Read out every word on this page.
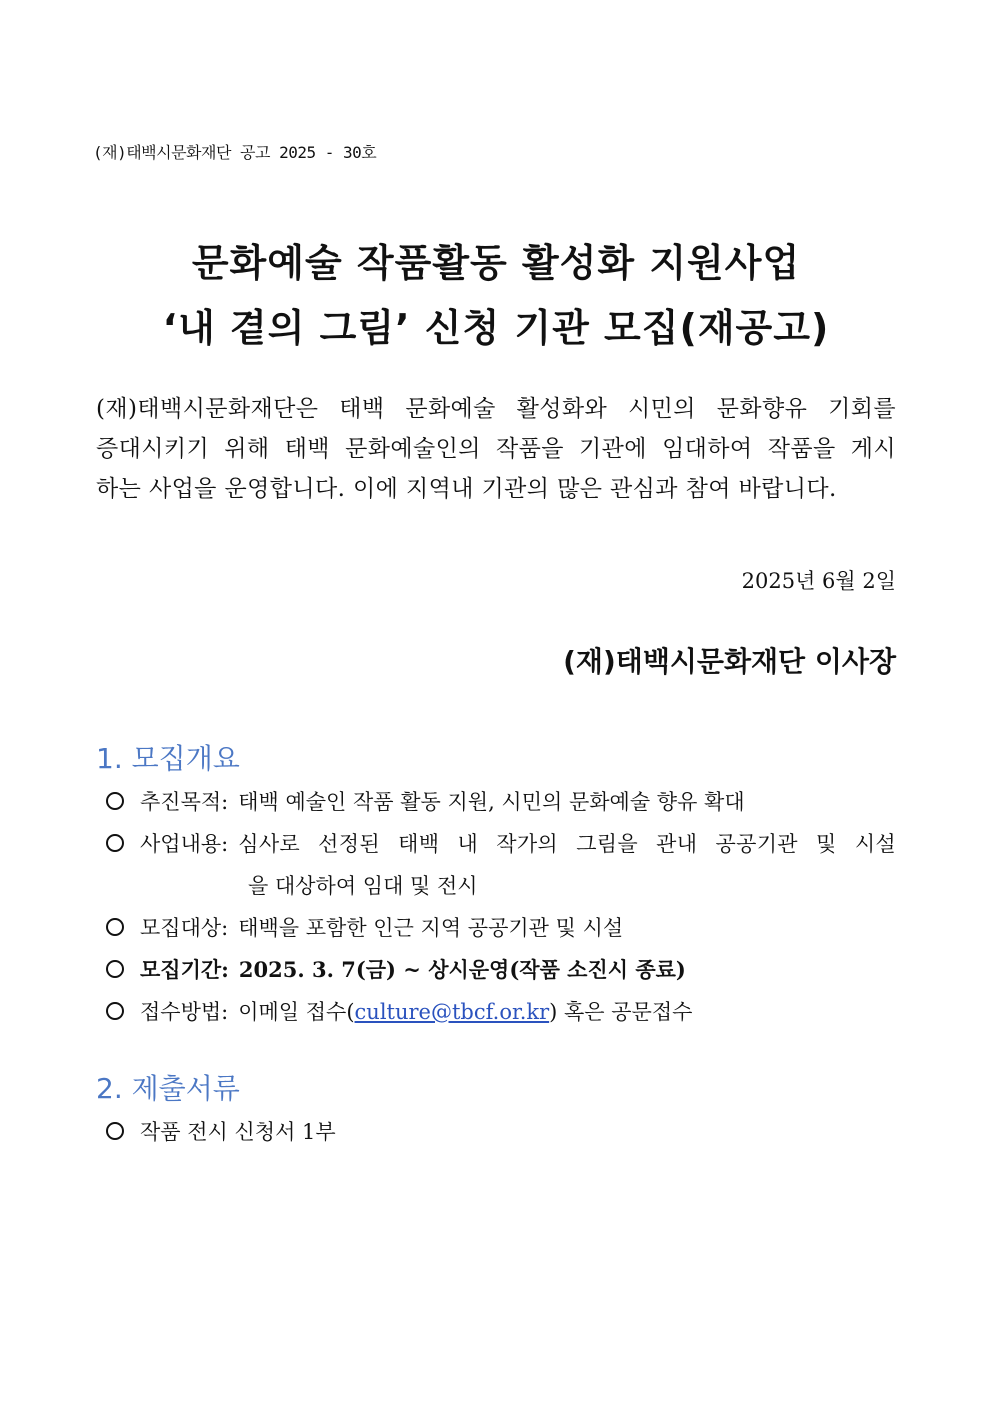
(재)태백시문화재단 공고 2025 - 30호
문화예술 작품활동 활성화 지원사업
‘내 곁의 그림’ 신청 기관 모집(재공고)
(재)태백시문화재단은 태백 문화예술 활성화와 시민의 문화향유 기회를
증대시키기 위해 태백 문화예술인의 작품을 기관에 임대하여 작품을 게시
하는 사업을 운영합니다. 이에 지역내 기관의 많은 관심과 참여 바랍니다.
2025년 6월 2일
(재)태백시문화재단 이사장
1. 모집개요
추진목적: 태백 예술인 작품 활동 지원, 시민의 문화예술 향유 확대
사업내용: 심사로 선정된 태백 내 작가의 그림을 관내 공공기관 및 시설
을 대상하여 임대 및 전시
모집대상: 태백을 포함한 인근 지역 공공기관 및 시설
모집기간: 2025. 3. 7(금) ~ 상시운영(작품 소진시 종료)
접수방법: 이메일 접수(culture@tbcf.or.kr) 혹은 공문접수
2. 제출서류
작품 전시 신청서 1부
